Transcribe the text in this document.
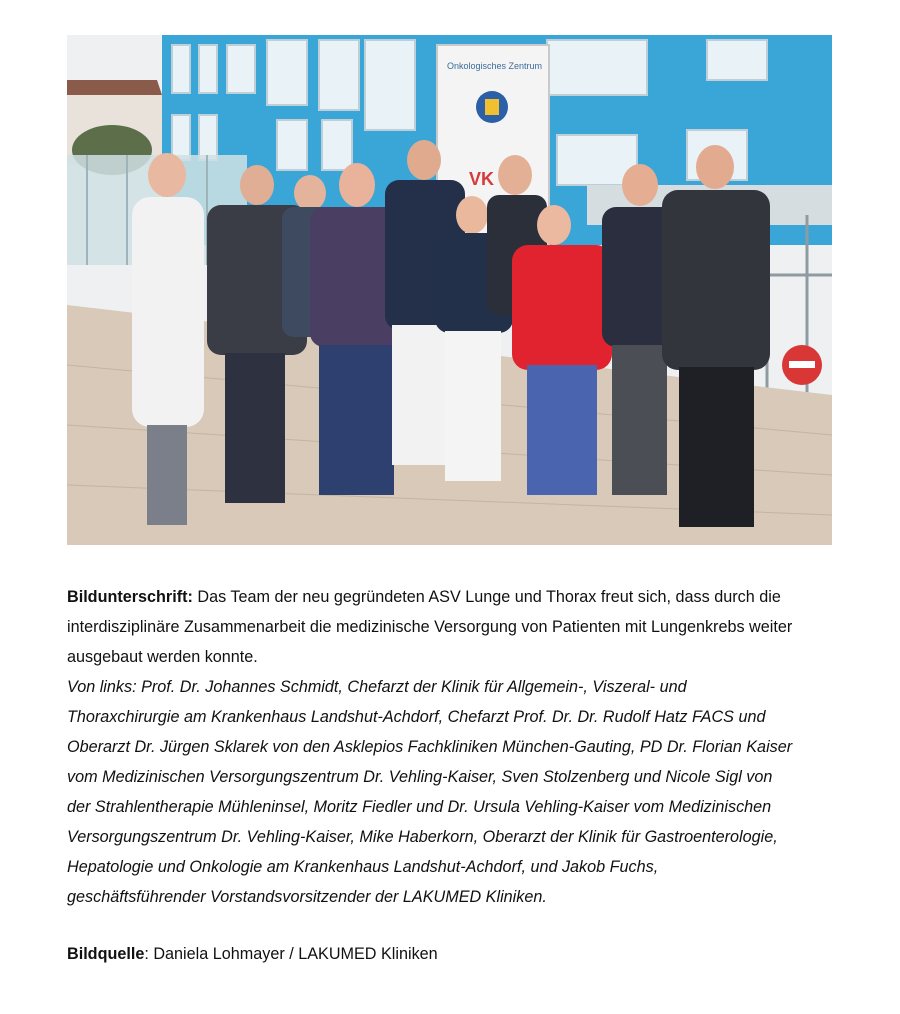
Onkologisches Zentrum
VK

Bildunterschrift: Das Team der neu gegründeten ASV Lunge und Thorax freut sich, dass durch die interdisziplinäre Zusammenarbeit die medizinische Versorgung von Patienten mit Lungenkrebs weiter ausgebaut werden konnte.

Von links: Prof. Dr. Johannes Schmidt, Chefarzt der Klinik für Allgemein-, Viszeral- und

Thoraxchirurgie am Krankenhaus Landshut-Achdorf, Chefarzt Prof. Dr. Dr. Rudolf Hatz FACS und

Oberarzt Dr. Jürgen Sklarek von den Asklepios Fachkliniken München-Gauting, PD Dr. Florian Kaiser

vom Medizinischen Versorgungszentrum Dr. Vehling-Kaiser, Sven Stolzenberg und Nicole Sigl von

der Strahlentherapie Mühleninsel, Moritz Fiedler und Dr. Ursula Vehling-Kaiser vom Medizinischen

Versorgungszentrum Dr. Vehling-Kaiser, Mike Haberkorn, Oberarzt der Klinik für Gastroenterologie,

Hepatologie und Onkologie am Krankenhaus Landshut-Achdorf, und Jakob Fuchs,

geschäftsführender Vorstandsvorsitzender der LAKUMED Kliniken.

Bildquelle: Daniela Lohmayer / LAKUMED Kliniken
